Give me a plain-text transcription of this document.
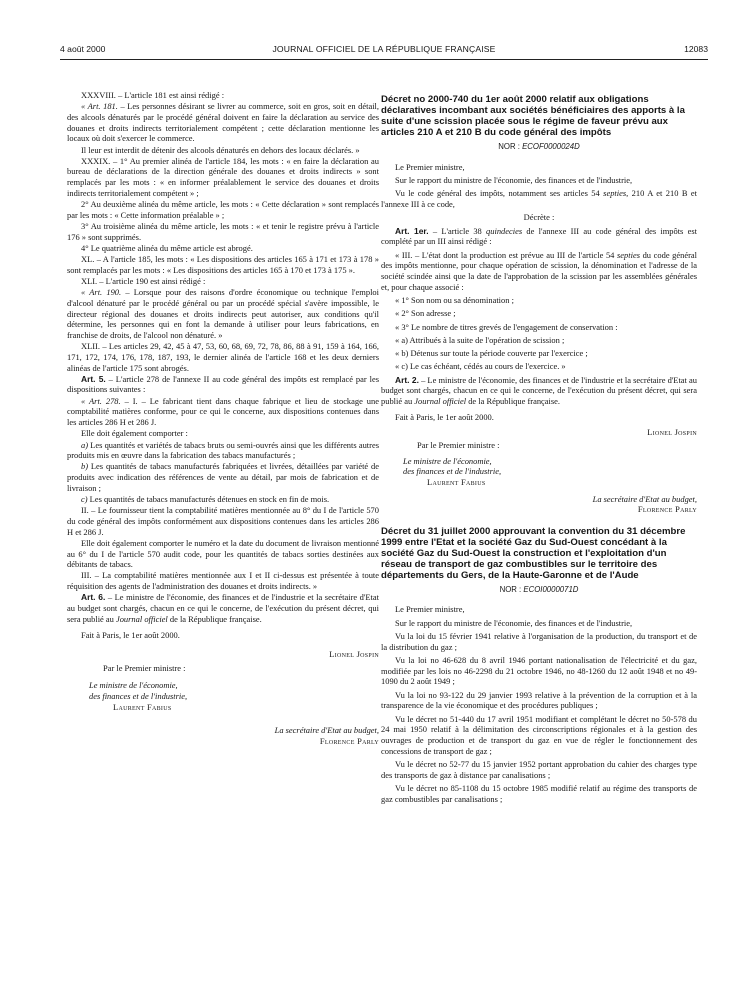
4 août 2000	JOURNAL OFFICIEL DE LA RÉPUBLIQUE FRANÇAISE	12083

XXXVIII. – L'article 181 est ainsi rédigé :

« Art. 181. – Les personnes désirant se livrer au commerce, soit en gros, soit en détail, des alcools dénaturés par le procédé général doivent en faire la déclaration au service des douanes et droits indirects territorialement compétent ; cette déclaration mentionne les locaux où doit s'exercer le commerce.

Il leur est interdit de détenir des alcools dénaturés en dehors des locaux déclarés. »

XXXIX. – 1° Au premier alinéa de l'article 184, les mots : « en faire la déclaration au bureau de déclarations de la direction générale des douanes et droits indirects » sont remplacés par les mots : « en informer préalablement le service des douanes et droits indirects territorialement compétent » ;

2° Au deuxième alinéa du même article, les mots : « Cette déclaration » sont remplacés par les mots : « Cette information préalable » ;

3° Au troisième alinéa du même article, les mots : « et tenir le registre prévu à l'article 176 » sont supprimés.

4° Le quatrième alinéa du même article est abrogé.

XL. – A l'article 185, les mots : « Les dispositions des articles 165 à 171 et 173 à 178 » sont remplacés par les mots : « Les dispositions des articles 165 à 170 et 173 à 175 ».

XLI. – L'article 190 est ainsi rédigé :

« Art. 190. – Lorsque pour des raisons d'ordre économique ou technique l'emploi d'alcool dénaturé par le procédé général ou par un procédé spécial s'avère impossible, le directeur régional des douanes et droits indirects peut autoriser, aux conditions qu'il détermine, les personnes qui en font la demande à utiliser pour leurs fabrications, en franchise de droits, de l'alcool non dénaturé. »

XLII. – Les articles 29, 42, 45 à 47, 53, 60, 68, 69, 72, 78, 86, 88 à 91, 159 à 164, 166, 171, 172, 174, 176, 178, 187, 193, le dernier alinéa de l'article 168 et les deux derniers alinéas de l'article 175 sont abrogés.

Art. 5. – L'article 278 de l'annexe II au code général des impôts est remplacé par les dispositions suivantes :

« Art. 278. – I. – Le fabricant tient dans chaque fabrique et lieu de stockage une comptabilité matières conforme, pour ce qui le concerne, aux dispositions contenues dans les articles 286 H et 286 J.

Elle doit également comporter :

a) Les quantités et variétés de tabacs bruts ou semi-ouvrés ainsi que les différents autres produits mis en œuvre dans la fabrication des tabacs manufacturés ;

b) Les quantités de tabacs manufacturés fabriquées et livrées, détaillées par variété de produits avec indication des références de vente au détail, par mois de fabrication et de livraison ;

c) Les quantités de tabacs manufacturés détenues en stock en fin de mois.

II. – Le fournisseur tient la comptabilité matières mentionnée au 8° du I de l'article 570 du code général des impôts conformément aux dispositions contenues dans les articles 286 H et 286 J.

Elle doit également comporter le numéro et la date du document de livraison mentionné au 6° du I de l'article 570 audit code, pour les quantités de tabacs sorties destinées aux débitants de tabacs.

III. – La comptabilité matières mentionnée aux I et II ci-dessus est présentée à toute réquisition des agents de l'administration des douanes et droits indirects. »

Art. 6. – Le ministre de l'économie, des finances et de l'industrie et la secrétaire d'Etat au budget sont chargés, chacun en ce qui le concerne, de l'exécution du présent décret, qui sera publié au Journal officiel de la République française.

Fait à Paris, le 1er août 2000.

Lionel Jospin

Par le Premier ministre :

Le ministre de l'économie,

des finances et de l'industrie,

Laurent Fabius

La secrétaire d'Etat au budget,

Florence Parly

Décret no 2000-740 du 1er août 2000 relatif aux obligations déclaratives incombant aux sociétés bénéficiaires des apports à la suite d'une scission placée sous le régime de faveur prévu aux articles 210 A et 210 B du code général des impôts

NOR : ECOF0000024D

Le Premier ministre,

Sur le rapport du ministre de l'économie, des finances et de l'industrie,

Vu le code général des impôts, notamment ses articles 54 septies, 210 A et 210 B et l'annexe III à ce code,

Décrète :

Art. 1er. – L'article 38 quindecies de l'annexe III au code général des impôts est complété par un III ainsi rédigé :

« III. – L'état dont la production est prévue au III de l'article 54 septies du code général des impôts mentionne, pour chaque opération de scission, la dénomination et l'adresse de la société scindée ainsi que la date de l'approbation de la scission par les assemblées générales et, pour chaque associé :

« 1° Son nom ou sa dénomination ;

« 2° Son adresse ;

« 3° Le nombre de titres grevés de l'engagement de conservation :

« a) Attribués à la suite de l'opération de scission ;

« b) Détenus sur toute la période couverte par l'exercice ;

« c) Le cas échéant, cédés au cours de l'exercice. »

Art. 2. – Le ministre de l'économie, des finances et de l'industrie et la secrétaire d'Etat au budget sont chargés, chacun en ce qui le concerne, de l'exécution du présent décret, qui sera publié au Journal officiel de la République française.

Fait à Paris, le 1er août 2000.

Lionel Jospin

Par le Premier ministre :

Le ministre de l'économie,

des finances et de l'industrie,

Laurent Fabius

La secrétaire d'Etat au budget,

Florence Parly

Décret du 31 juillet 2000 approuvant la convention du 31 décembre 1999 entre l'Etat et la société Gaz du Sud-Ouest concédant à la société Gaz du Sud-Ouest la construction et l'exploitation d'un réseau de transport de gaz combustibles sur le territoire des départements du Gers, de la Haute-Garonne et de l'Aude

NOR : ECOI0000071D

Le Premier ministre,

Sur le rapport du ministre de l'économie, des finances et de l'industrie,

Vu la loi du 15 février 1941 relative à l'organisation de la production, du transport et de la distribution du gaz ;

Vu la loi no 46-628 du 8 avril 1946 portant nationalisation de l'électricité et du gaz, modifiée par les lois no 46-2298 du 21 octobre 1946, no 48-1260 du 12 août 1948 et no 49-1090 du 2 août 1949 ;

Vu la loi no 93-122 du 29 janvier 1993 relative à la prévention de la corruption et à la transparence de la vie économique et des procédures publiques ;

Vu le décret no 51-440 du 17 avril 1951 modifiant et complétant le décret no 50-578 du 24 mai 1950 relatif à la délimitation des circonscriptions régionales et à la gestion des ouvrages de production et de transport du gaz en vue de régler le fonctionnement des concessions de transport de gaz ;

Vu le décret no 52-77 du 15 janvier 1952 portant approbation du cahier des charges type des transports de gaz à distance par canalisations ;

Vu le décret no 85-1108 du 15 octobre 1985 modifié relatif au régime des transports de gaz combustibles par canalisations ;
